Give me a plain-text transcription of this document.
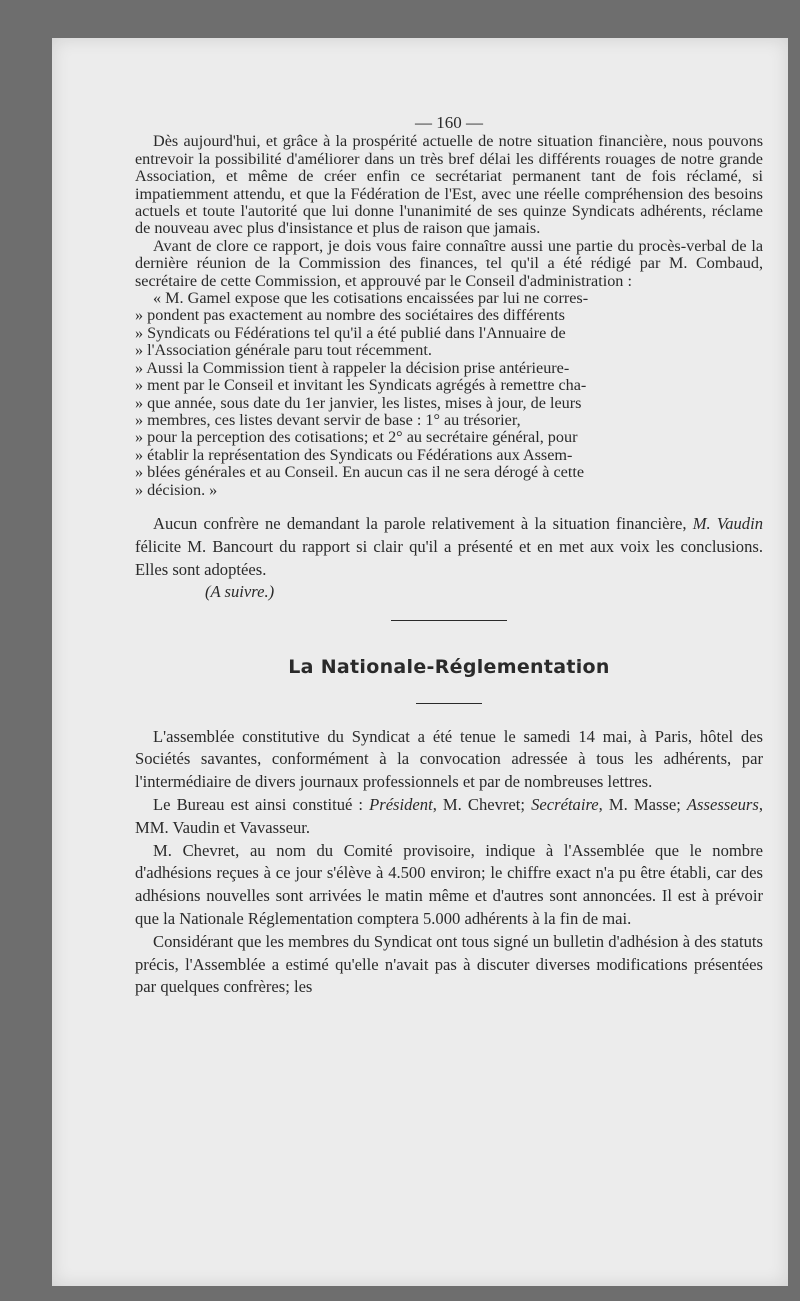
— 160 —

Dès aujourd'hui, et grâce à la prospérité actuelle de notre situation financière, nous pouvons entrevoir la possibilité d'améliorer dans un très bref délai les différents rouages de notre grande Association, et même de créer enfin ce secrétariat permanent tant de fois réclamé, si impatiemment attendu, et que la Fédération de l'Est, avec une réelle compréhension des besoins actuels et toute l'autorité que lui donne l'unanimité de ses quinze Syndicats adhérents, réclame de nouveau avec plus d'insistance et plus de raison que jamais.

Avant de clore ce rapport, je dois vous faire connaître aussi une partie du procès-verbal de la dernière réunion de la Commission des finances, tel qu'il a été rédigé par M. Combaud, secrétaire de cette Commission, et approuvé par le Conseil d'administration :

« M. Gamel expose que les cotisations encaissées par lui ne corres-

» pondent pas exactement au nombre des sociétaires des différents

» Syndicats ou Fédérations tel qu'il a été publié dans l'Annuaire de

» l'Association générale paru tout récemment.

» Aussi la Commission tient à rappeler la décision prise antérieure-

» ment par le Conseil et invitant les Syndicats agrégés à remettre cha-

» que année, sous date du 1er janvier, les listes, mises à jour, de leurs

» membres, ces listes devant servir de base : 1° au trésorier,

» pour la perception des cotisations; et 2° au secrétaire général, pour

» établir la représentation des Syndicats ou Fédérations aux Assem-

» blées générales et au Conseil. En aucun cas il ne sera dérogé à cette

» décision. »

Aucun confrère ne demandant la parole relativement à la situation financière, M. Vaudin félicite M. Bancourt du rapport si clair qu'il a présenté et en met aux voix les conclusions. Elles sont adoptées.

(A suivre.)

La Nationale-Réglementation

L'assemblée constitutive du Syndicat a été tenue le samedi 14 mai, à Paris, hôtel des Sociétés savantes, conformément à la convocation adressée à tous les adhérents, par l'intermédiaire de divers journaux professionnels et par de nombreuses lettres.

Le Bureau est ainsi constitué : Président, M. Chevret; Secrétaire, M. Masse; Assesseurs, MM. Vaudin et Vavasseur.

M. Chevret, au nom du Comité provisoire, indique à l'Assemblée que le nombre d'adhésions reçues à ce jour s'élève à 4.500 environ; le chiffre exact n'a pu être établi, car des adhésions nouvelles sont arrivées le matin même et d'autres sont annoncées. Il est à prévoir que la Nationale Réglementation comptera 5.000 adhérents à la fin de mai.

Considérant que les membres du Syndicat ont tous signé un bulletin d'adhésion à des statuts précis, l'Assemblée a estimé qu'elle n'avait pas à discuter diverses modifications présentées par quelques confrères; les
